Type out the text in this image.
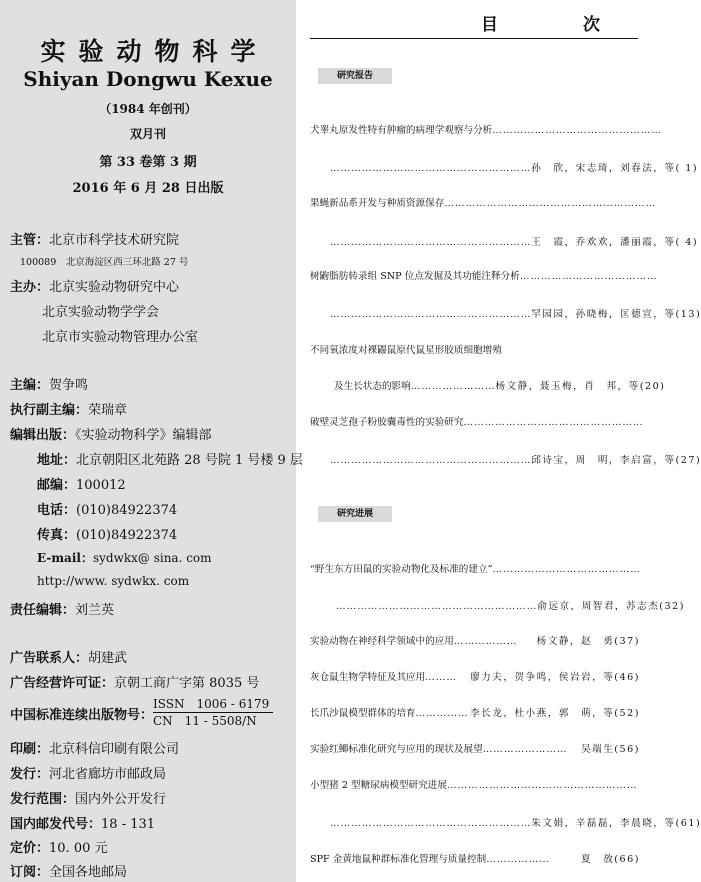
实验动物科学
Shiyan Dongwu Kexue
（1984 年创刊）
双月刊
第 33 卷第 3 期
2016 年 6 月 28 日出版
主管：北京市科学技术研究院
100089　北京海淀区西三环北路 27 号
主办：北京实验动物研究中心
北京实验动物学学会
北京市实验动物管理办公室
主编：贺争鸣
执行副主编：荣瑞章
编辑出版：《实验动物科学》编辑部
地址：北京朝阳区北苑路 28 号院 1 号楼 9 层
邮编：100012
电话：(010)84922374
传真：(010)84922374
E-mail：sydwkx@ sina. com
http://www. sydwkx. com
责任编辑：刘兰英
广告联系人：胡建武
广告经营许可证：京朝工商广字第 8035 号
中国标准连续出版物号：
ISSN　1006 - 6179
CN　11 - 5508/N
印刷：北京科信印刷有限公司
发行：河北省廊坊市邮政局
发行范围：国内外公开发行
国内邮发代号：18 - 131
定价：10. 00 元
订阅：全国各地邮局
目　次
研究报告
犬睾丸原发性特有肿瘤的病理学观察与分析 …………………………………………
………………………………………………… 孙　欣，宋志琦，刘春法，等( 1)
果蝇新品系开发与种质资源保存 ……………………………………………………
………………………………………………… 王　霞，乔欢欢，潘丽霞，等( 4)
树鼩脂肪转录组 SNP 位点发掘及其功能注释分析 …………………………………
………………………………………………… 罕园园，孙晓梅，匡德宣，等(13)
不同氧浓度对裸鼹鼠原代鼠星形胶质细胞增殖
及生长状态的影响 …………………… 杨文静，聂玉梅，肖　邦，等(20)
破壁灵芝孢子粉胶囊毒性的实验研究 ……………………………………………
………………………………………………… 邱诗宝，周　明，李启富，等(27)
研究进展
“野生东方田鼠的实验动物化及标准的建立” ……………………………………
………………………………………………… 俞远京，周智君，苏志杰(32)
实验动物在神经科学领域中的应用 ………………	杨文静，赵　勇(37)
灰仓鼠生物学特征及其应用 ………	廖力夫，贺争鸣，侯岩岩，等(46)
长爪沙鼠模型群体的培育 …………… 李长龙，杜小燕，郭　萌，等(52)
实验红鲫标准化研究与应用的现状及展望 ……………………	吴端生(56)
小型猪 2 型糖尿病模型研究进展 ………………………………………………
………………………………………………… 朱文娟，辛磊磊，李晨晓，等(61)
SPF 金黄地鼠种群标准化管理与质量控制 ………………	夏　放(66)
